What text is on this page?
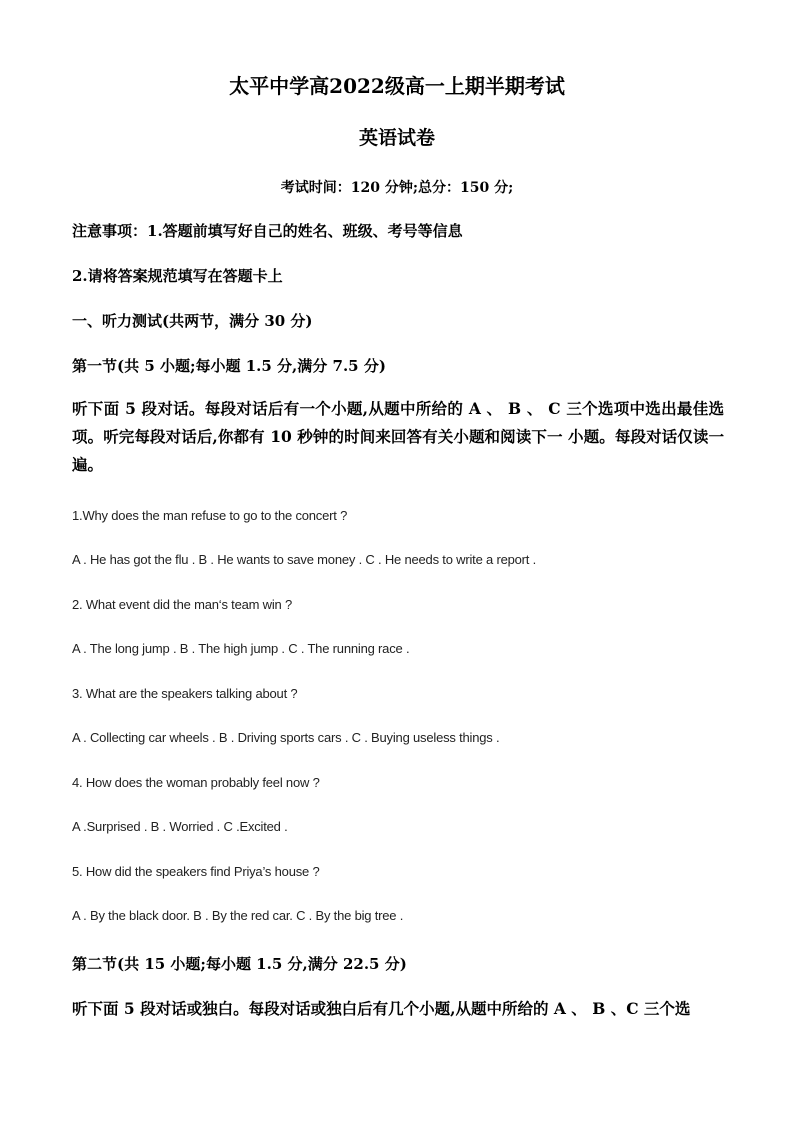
太平中学高2022级高一上期半期考试
英语试卷
考试时间：120 分钟;总分：150 分;
注意事项：1.答题前填写好自己的姓名、班级、考号等信息
2.请将答案规范填写在答题卡上
一、听力测试(共两节，满分 30 分)
第一节(共 5 小题;每小题 1.5 分,满分 7.5 分)
听下面 5 段对话。每段对话后有一个小题,从题中所给的 A 、 B 、 C 三个选项中选出最佳选项。听完每段对话后,你都有 10 秒钟的时间来回答有关小题和阅读下一 小题。每段对话仅读一遍。
1.Why does the man refuse to go to the concert ?
A . He has got the flu . B . He wants to save money . C . He needs to write a report .
2. What event did the man‘s team win ?
A . The long jump . B . The high jump . C . The running race .
3. What are the speakers talking about ?
A . Collecting car wheels . B . Driving sports cars . C . Buying useless things .
4. How does the woman probably feel now ?
A .Surprised . B . Worried . C .Excited .
5. How did the speakers find Priya’s house ?
A . By the black door. B . By the red car. C . By the big tree .
第二节(共 15 小题;每小题 1.5 分,满分 22.5 分)
听下面 5 段对话或独白。每段对话或独白后有几个小题,从题中所给的 A 、 B 、C 三个选
